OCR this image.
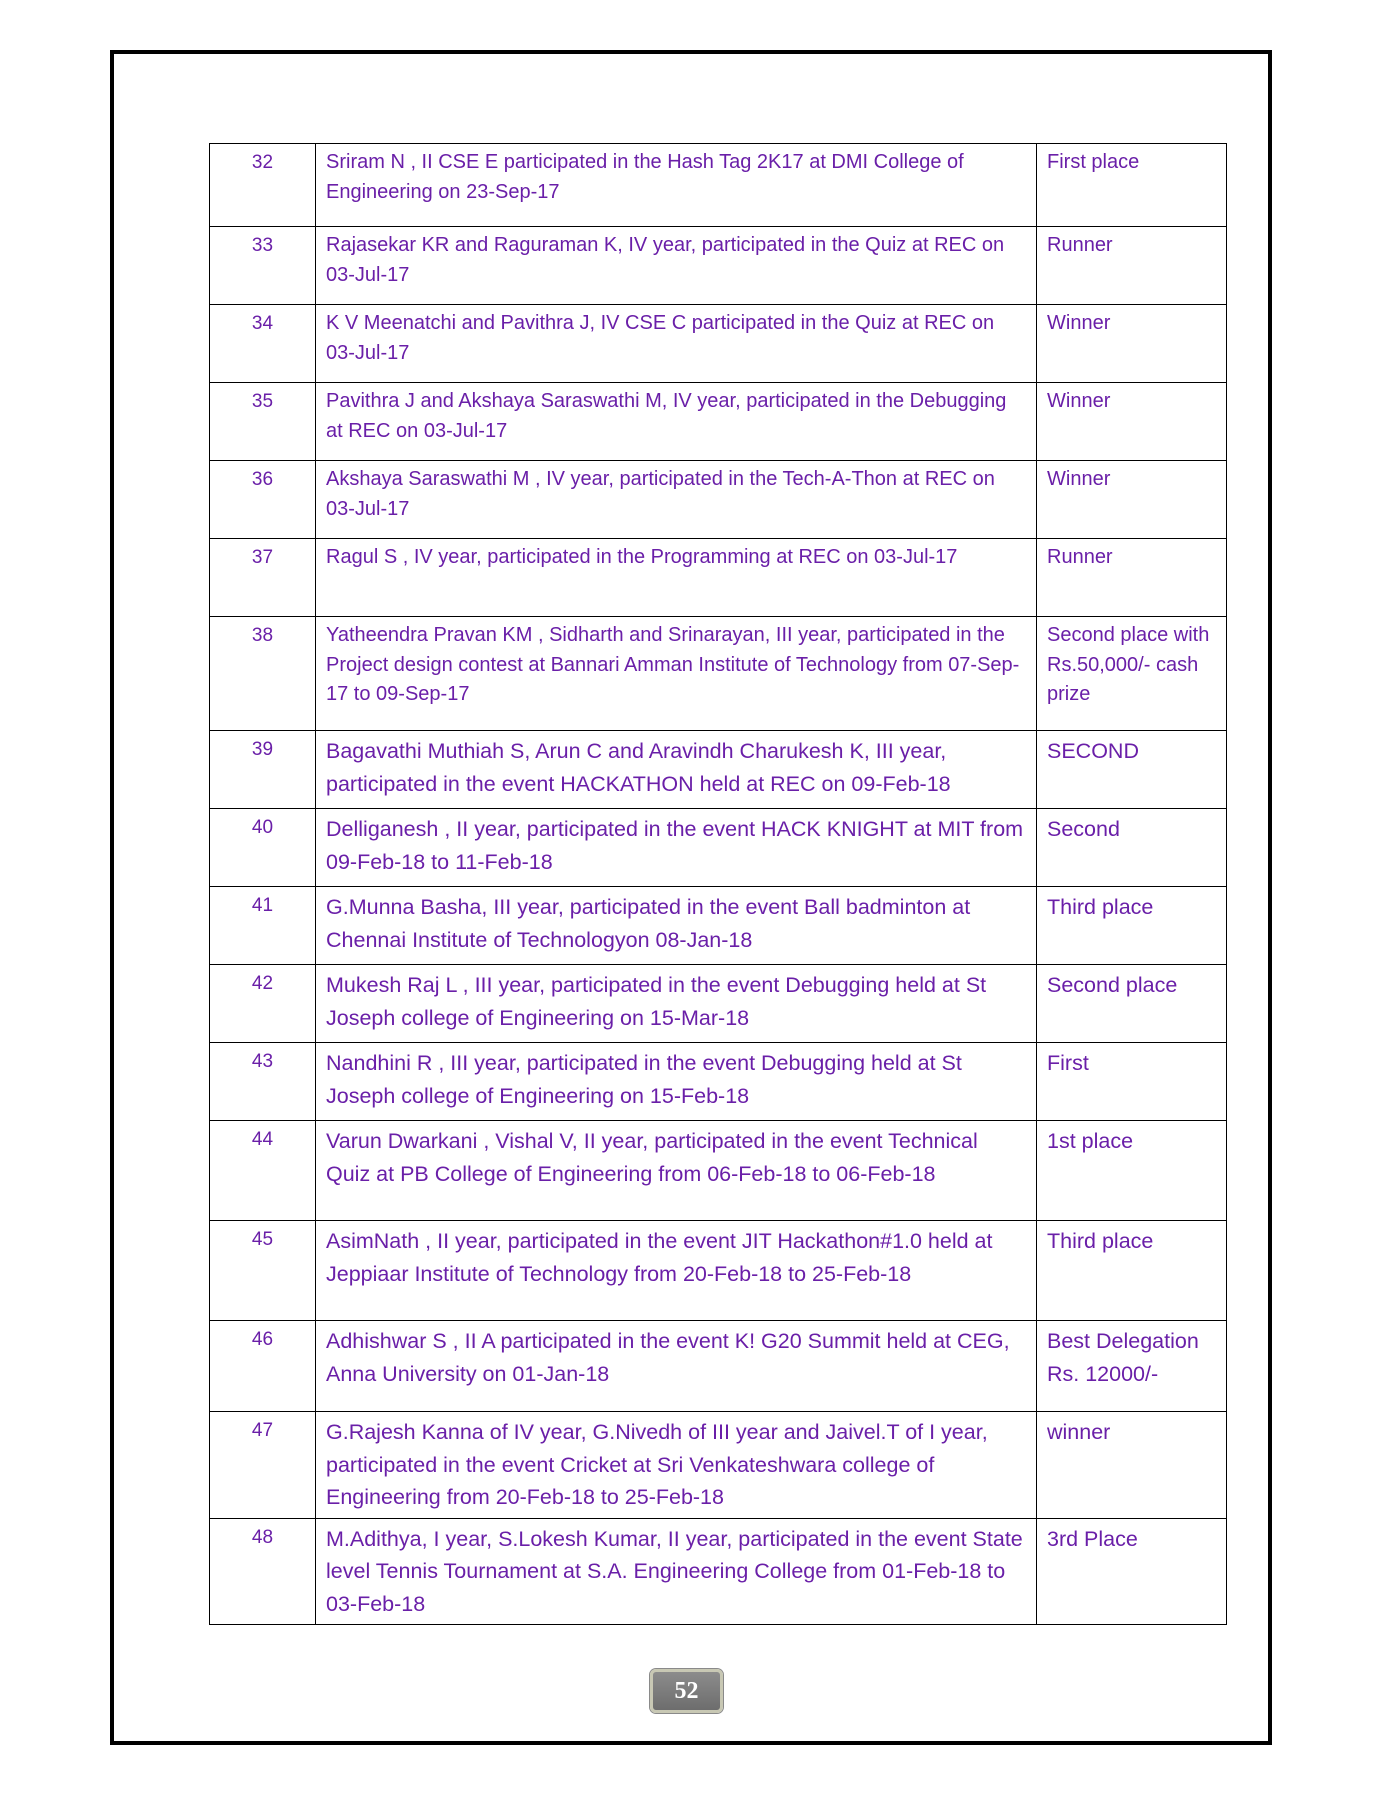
32	Sriram N , II CSE E participated in the Hash Tag 2K17 at DMI College of Engineering on 23-Sep-17	First place
33	Rajasekar KR and Raguraman K, IV year, participated in the Quiz at REC on 03-Jul-17	Runner
34	K V Meenatchi and Pavithra J, IV CSE C participated in the Quiz at REC on 03-Jul-17	Winner
35	Pavithra J and Akshaya Saraswathi M, IV year, participated in the Debugging at REC on 03-Jul-17	Winner
36	Akshaya Saraswathi M , IV year, participated in the Tech-A-Thon at REC on 03-Jul-17	Winner
37	Ragul S , IV year, participated in the Programming at REC on 03-Jul-17	Runner
38	Yatheendra Pravan KM , Sidharth and Srinarayan, III year, participated in the Project design contest at Bannari Amman Institute of Technology from 07-Sep-17 to 09-Sep-17	Second place with Rs.50,000/- cash prize
39	Bagavathi Muthiah S, Arun C and Aravindh Charukesh K, III year, participated in the event HACKATHON held at REC on 09-Feb-18	SECOND
40	Delliganesh , II year, participated in the event HACK KNIGHT at MIT from 09-Feb-18 to 11-Feb-18	Second
41	G.Munna Basha, III year, participated in the event Ball badminton at Chennai Institute of Technologyon 08-Jan-18	Third place
42	Mukesh Raj L , III year, participated in the event Debugging held at St Joseph college of Engineering on 15-Mar-18	Second place
43	Nandhini R , III year, participated in the event Debugging held at St Joseph college of Engineering on 15-Feb-18	First
44	Varun Dwarkani , Vishal V, II year, participated in the event Technical Quiz at PB College of Engineering from 06-Feb-18 to 06-Feb-18	1st place
45	AsimNath , II year, participated in the event JIT Hackathon#1.0 held at Jeppiaar Institute of Technology from 20-Feb-18 to 25-Feb-18	Third place
46	Adhishwar S , II A participated in the event K! G20 Summit held at CEG, Anna University on 01-Jan-18	Best Delegation Rs. 12000/-
47	G.Rajesh Kanna of IV year, G.Nivedh of III year and Jaivel.T of I year, participated in the event Cricket at Sri Venkateshwara college of Engineering from 20-Feb-18 to 25-Feb-18	winner
48	M.Adithya, I year, S.Lokesh Kumar, II year, participated in the event State level Tennis Tournament at S.A. Engineering College from 01-Feb-18 to 03-Feb-18	3rd Place
52
